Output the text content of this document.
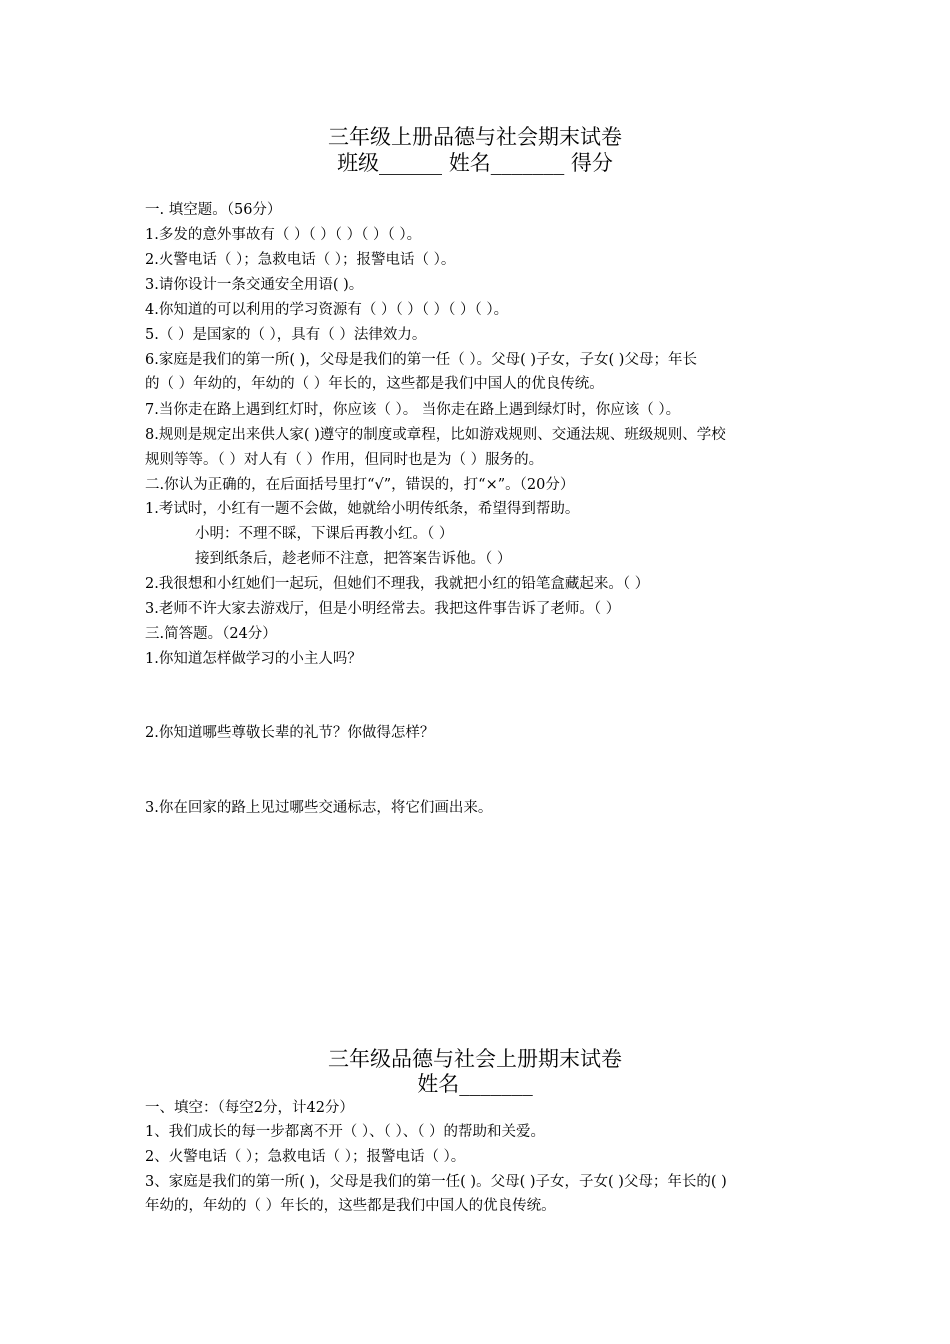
三年级上册品德与社会期末试卷
班级______ 姓名_______ 得分
一. 填空题。（56分）
1.多发的意外事故有（ ）（ ）（ ）（ ）（ ）。
2.火警电话（ ）；急救电话（ ）；报警电话（ ）。
3.请你设计一条交通安全用语( )。
4.你知道的可以利用的学习资源有（ ）（ ）（ ）（ ）（ ）。
5.（ ）是国家的（ ），具有（ ）法律效力。
6.家庭是我们的第一所( )，父母是我们的第一任（ ）。父母( )子女，子女( )父母；年长
的（ ）年幼的，年幼的（ ）年长的，这些都是我们中国人的优良传统。
7.当你走在路上遇到红灯时，你应该（ ）。 当你走在路上遇到绿灯时，你应该（ ）。
8.规则是规定出来供人家( )遵守的制度或章程，比如游戏规则、交通法规、班级规则、学校
规则等等。（ ）对人有（ ）作用，但同时也是为（ ）服务的。
二.你认为正确的，在后面括号里打“√”，错误的，打“×”。（20分）
1.考试时，小红有一题不会做，她就给小明传纸条，希望得到帮助。
小明：不理不睬，下课后再教小红。（ ）
接到纸条后，趁老师不注意，把答案告诉他。（ ）
2.我很想和小红她们一起玩，但她们不理我，我就把小红的铅笔盒藏起来。（ ）
3.老师不许大家去游戏厅，但是小明经常去。我把这件事告诉了老师。（ ）
三.简答题。（24分）
1.你知道怎样做学习的小主人吗？
2.你知道哪些尊敬长辈的礼节？你做得怎样？
3.你在回家的路上见过哪些交通标志，将它们画出来。
三年级品德与社会上册期末试卷
姓名_______
一、填空：（每空2分，计42分）
1、我们成长的每一步都离不开（ ）、（ ）、（ ）的帮助和关爱。
2、火警电话（ ）；急救电话（ ）；报警电话（ ）。
3、家庭是我们的第一所( )，父母是我们的第一任( )。父母( )子女，子女( )父母；年长的( )
年幼的，年幼的（ ）年长的，这些都是我们中国人的优良传统。
